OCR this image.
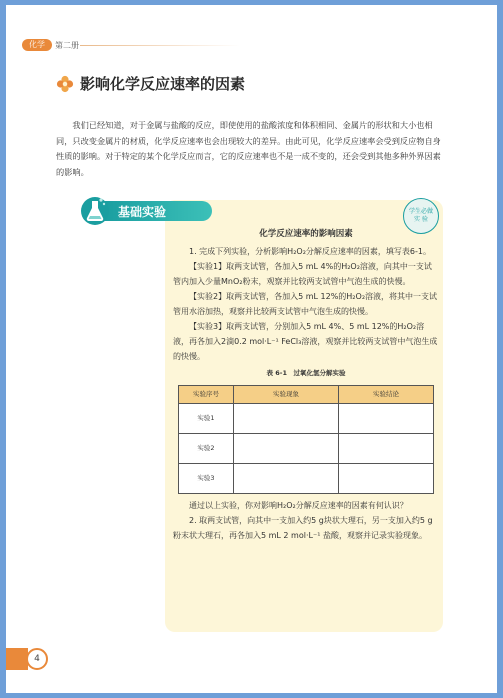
化学	第二册
影响化学反应速率的因素

我们已经知道，对于金属与盐酸的反应，即使使用的盐酸浓度和体积相同、金属片的形状和大小也相同，只改变金属片的材质，化学反应速率也会出现较大的差异。由此可见，化学反应速率会受到反应物自身性质的影响。对于特定的某个化学反应而言，它的反应速率也不是一成不变的，还会受到其他多种外界因素的影响。

基础实验	学生必做实 验
化学反应速率的影响因素

1. 完成下列实验，分析影响H₂O₂分解反应速率的因素，填写表6-1。

【实验1】取两支试管，各加入5 mL 4%的H₂O₂溶液，向其中一支试管内加入少量MnO₂粉末，观察并比较两支试管中气泡生成的快慢。

【实验2】取两支试管，各加入5 mL 12%的H₂O₂溶液，将其中一支试管用水浴加热，观察并比较两支试管中气泡生成的快慢。

【实验3】取两支试管，分别加入5 mL 4%、5 mL 12%的H₂O₂溶液，再各加入2滴0.2 mol·L⁻¹ FeCl₃溶液，观察并比较两支试管中气泡生成的快慢。

表 6-1　过氧化氢分解实验
实验序号	实验现象	实验结论
实验1		
实验2		
实验3		

通过以上实验，你对影响H₂O₂分解反应速率的因素有何认识？

2. 取两支试管，向其中一支加入约5 g块状大理石，另一支加入约5 g粉末状大理石，再各加入5 mL 2 mol·L⁻¹ 盐酸，观察并记录实验现象。

4
